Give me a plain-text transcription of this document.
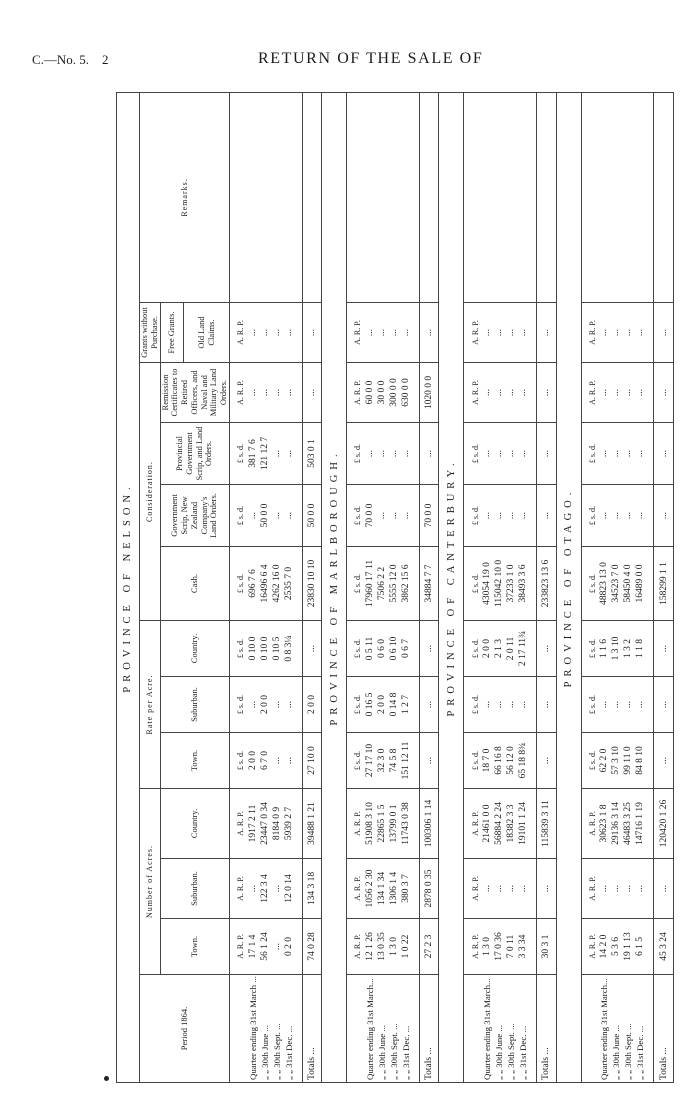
C.—No. 5. 2	RETURN OF THE SALE OF
PROVINCE OF NELSON.												
Period 1864.	Number of Acres.			Rate per Acre.			Consideration.				Grants without Purchase.	Remarks.
	Town.	Suburban.	Country.	Town.	Suburban.	Country.	Cash.	Government Scrip, New Zealand Company's Land Orders.	Provincial Government Scrip, and Land Orders.	Remission Certificates to Retired Officers, and Naval and Military Land Orders.	Free Grants.	
											Old Land Claims.	
	A. R. P.	A. R. P.	A. R. P.	£ s. d.	£ s. d.	£ s. d.	£ s. d.	£ s. d.	£ s. d.	A. R. P.	A. R. P.	
Quarter ending 31st March ...	17 1 4	...	1917 2 11	2 0 0	...	0 10 0	696 7 6	...	381 7 6	...	...	
„ „ 30th June ...	56 1 24	122 3 4	23447 0 34	6 7 0	2 0 0	0 10 0	16496 6 4	50 0 0	121 12 7	...	...	
„ „ 30th Sept. ...	...	...	8184 0 9	...	...	0 10 5	4262 16 0	...	...	...	...	
„ „ 31st Dec. ...	0 2 0	12 0 14	5939 2 7	...	...	0 8 3¼	2535 7 0	...	...	...	...	

Totals ...	74 0 28	134 3 18	39488 1 21	27 10 0	2 0 0	...	23830 10 10	50 0 0	503 0 1	...	...	
PROVINCE OF MARLBOROUGH.												
	A. R. P.	A. R. P.	A. R. P.	£ s. d.	£ s. d.	£ s. d.	£ s. d.	£ s. d.	£ s. d.	A. R. P.	A. R. P.	
Quarter ending 31st March...	12 1 26	1056 2 30	51908 3 10	27 17 10	0 16 5	0 5 11	17960 17 11	70 0 0	...	60 0 0	...	
„ „ 30th June ...	13 0 35	134 1 34	22865 1 5	32 3 0	2 0 0	0 6 0	7506 2 2	...	...	30 0 0	...	
„ „ 30th Sept. ...	1 3 0	1306 1 4	13799 0 1	74 5 8	0 14 8	0 6 10	5555 12 0	...	...	300 0 0	...	
„ „ 31st Dec. ...	1 0 22	380 3 7	11743 0 38	151 12 11	1 2 7	0 6 7	3862 15 6	...	...	630 0 0	...	

Totals ...	27 2 3	2878 0 35	100306 1 14	...	...	...	34884 7 7	70 0 0	...	1020 0 0	...	
PROVINCE OF CANTERBURY.												
	A. R. P.	A. R. P.	A. R. P.	£ s. d.	£ s. d.	£ s. d.	£ s. d.	£ s. d.	£ s. d.	A. R. P.	A. R. P.	
Quarter ending 31st March...	1 3 0	...	21461 0 0	18 7 0	...	2 0 0	43054 19 0	...	...	...	...	
„ „ 30th June ...	17 0 36	...	56884 2 24	66 16 8	...	2 1 3	115042 10 0	...	...	...	...	
„ „ 30th Sept. ...	7 0 11	...	18382 3 3	56 12 0	...	2 0 11	37233 1 0	...	...	...	...	
„ „ 31st Dec. ...	3 3 34	...	19101 1 24	65 18 8¾	...	2 17 11¾	38493 3 6	...	...	...	...	

Totals ...	30 3 1	...	115839 3 11	...	...	...	233823 13 6	...	...	...	...	
PROVINCE OF OTAGO.												
	A. R. P.	A. R. P.	A. R. P.	£ s. d.	£ s. d.	£ s. d.	£ s. d.	£ s. d.	£ s. d.	A. R. P.	A. R. P.	
Quarter ending 31st March...	14 2 0	...	30623 1 8	62 2 0	...	1 1 6	48823 13 0	...	...	...	...	
„ „ 30th June ...	5 3 6	...	29136 3 14	57 3 10	...	1 3 10	34523 7 0	...	...	...	...	
„ „ 30th Sept. ...	19 1 13	...	46483 3 25	99 11 0	...	1 3 2	58450 4 0	...	...	...	...	
„ „ 31st Dec. ...	6 1 5	...	14716 1 19	84 8 10	...	1 1 8	16489 0 0	...	...	...	...	

Totals ...	45 3 24	...	120420 1 26	...	...	...	158299 1 1	...	...	...	...	
